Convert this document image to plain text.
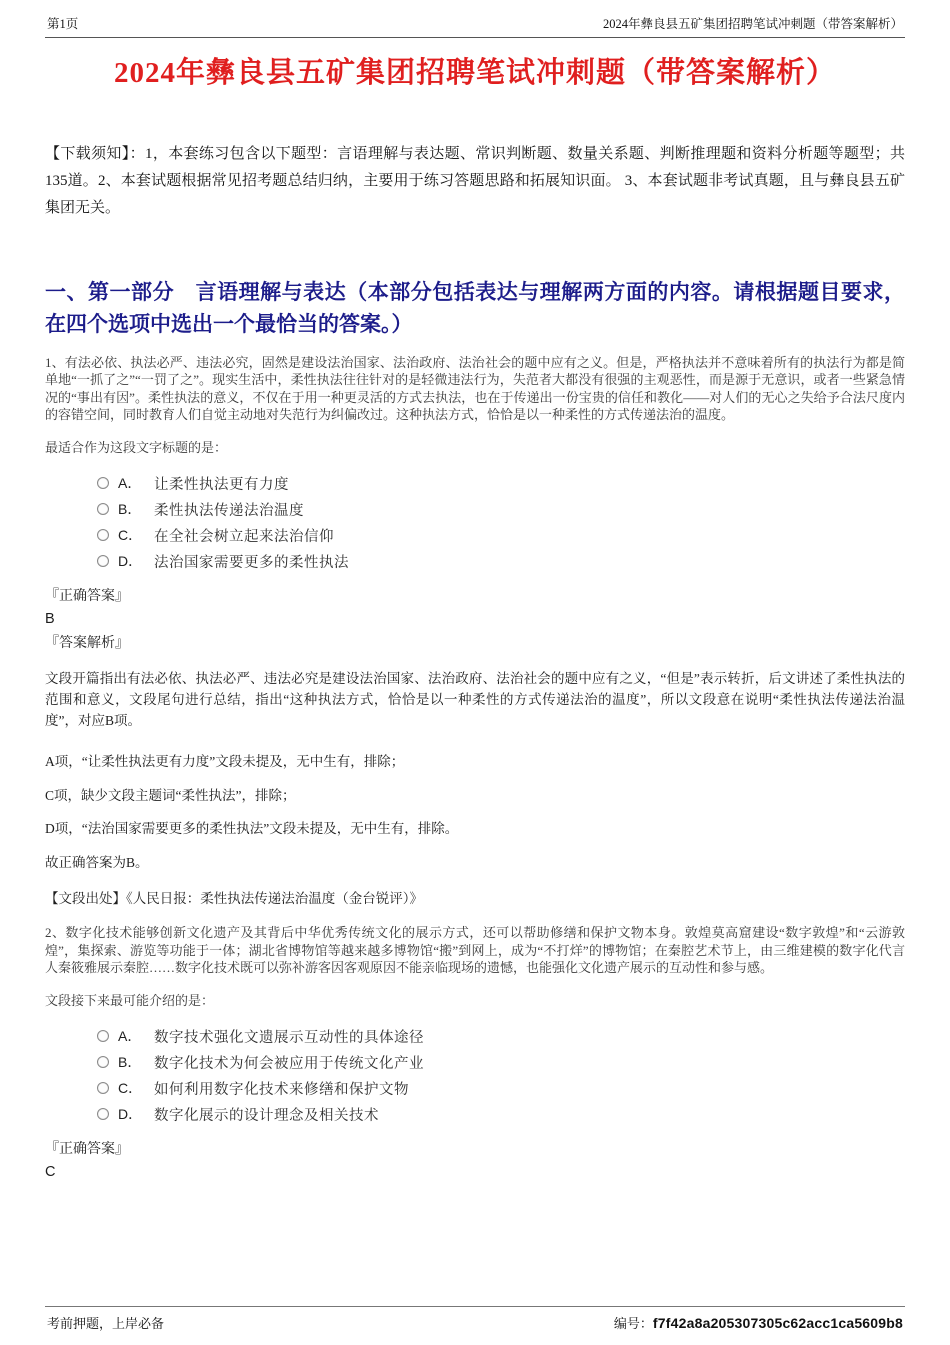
第1页	2024年彝良县五矿集团招聘笔试冲刺题（带答案解析）
2024年彝良县五矿集团招聘笔试冲刺题（带答案解析）
【下载须知】：1，本套练习包含以下题型：言语理解与表达题、常识判断题、数量关系题、判断推理题和资料分析题等题型；共135道。2、本套试题根据常见招考题总结归纳，主要用于练习答题思路和拓展知识面。 3、本套试题非考试真题，且与彝良县五矿集团无关。
一、第一部分　言语理解与表达（本部分包括表达与理解两方面的内容。请根据题目要求，在四个选项中选出一个最恰当的答案。）
1、有法必依、执法必严、违法必究，固然是建设法治国家、法治政府、法治社会的题中应有之义。但是，严格执法并不意味着所有的执法行为都是简单地“一抓了之”“一罚了之”。现实生活中，柔性执法往往针对的是轻微违法行为，失范者大都没有很强的主观恶性，而是源于无意识，或者一些紧急情况的“事出有因”。柔性执法的意义，不仅在于用一种更灵活的方式去执法，也在于传递出一份宝贵的信任和教化——对人们的无心之失给予合法尺度内的容错空间，同时教育人们自觉主动地对失范行为纠偏改过。这种执法方式，恰恰是以一种柔性的方式传递法治的温度。
最适合作为这段文字标题的是：
A． 让柔性执法更有力度
B． 柔性执法传递法治温度
C． 在全社会树立起来法治信仰
D． 法治国家需要更多的柔性执法
『正确答案』
B
『答案解析』
文段开篇指出有法必依、执法必严、违法必究是建设法治国家、法治政府、法治社会的题中应有之义，“但是”表示转折，后文讲述了柔性执法的范围和意义，文段尾句进行总结，指出“这种执法方式，恰恰是以一种柔性的方式传递法治的温度”，所以文段意在说明“柔性执法传递法治温度”，对应B项。
A项，“让柔性执法更有力度”文段未提及，无中生有，排除；
C项，缺少文段主题词“柔性执法”，排除；
D项，“法治国家需要更多的柔性执法”文段未提及，无中生有，排除。
故正确答案为B。
【文段出处】《人民日报：柔性执法传递法治温度（金台锐评）》
2、数字化技术能够创新文化遗产及其背后中华优秀传统文化的展示方式，还可以帮助修缮和保护文物本身。敦煌莫高窟建设“数字敦煌”和“云游敦煌”，集探索、游览等功能于一体；湖北省博物馆等越来越多博物馆“搬”到网上，成为“不打烊”的博物馆；在秦腔艺术节上，由三维建模的数字化代言人秦筱雅展示秦腔……数字化技术既可以弥补游客因客观原因不能亲临现场的遗憾，也能强化文化遗产展示的互动性和参与感。
文段接下来最可能介绍的是：
A． 数字技术强化文遗展示互动性的具体途径
B． 数字化技术为何会被应用于传统文化产业
C． 如何利用数字化技术来修缮和保护文物
D． 数字化展示的设计理念及相关技术
『正确答案』
C
考前押题，上岸必备	编号： f7f42a8a205307305c62acc1ca5609b8
